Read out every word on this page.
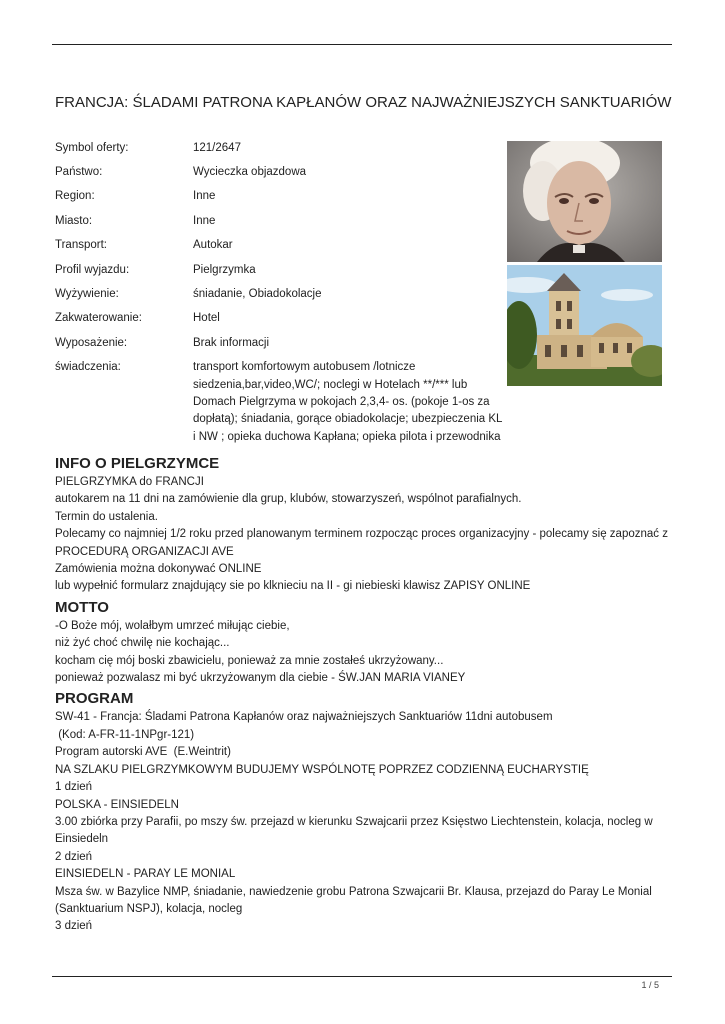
FRANCJA: ŚLADAMI PATRONA KAPŁANÓW ORAZ NAJWAŻNIEJSZYCH SANKTUARIÓW
Symbol oferty:	121/2647
Państwo:	Wycieczka objazdowa
Region:	Inne
Miasto:	Inne
Transport:	Autokar
Profil wyjazdu:	Pielgrzymka
Wyżywienie:	śniadanie, Obiadokolacje
Zakwaterowanie:	Hotel
Wyposażenie:	Brak informacji
świadczenia:	transport komfortowym autobusem /lotnicze siedzenia,bar,video,WC/; noclegi w Hotelach **/*** lub Domach Pielgrzyma w pokojach 2,3,4- os. (pokoje 1-os za dopłatą); śniadania, gorące obiadokolacje; ubezpieczenia KL i NW ; opieka duchowa Kapłana; opieka pilota i przewodnika
INFO O PIELGRZYMCE

PIELGRZYMKA do FRANCJI

autokarem na 11 dni na zamówienie dla grup, klubów, stowarzyszeń, wspólnot parafialnych.

Termin do ustalenia.

Polecamy co najmniej 1/2 roku przed planowanym terminem rozpocząc proces organizacyjny - polecamy się zapoznać z

PROCEDURĄ ORGANIZACJI AVE

Zamówienia można dokonywać ONLINE

lub wypełnić formularz znajdujący sie po klknieciu na II - gi niebieski klawisz ZAPISY ONLINE

MOTTO

-O Boże mój, wolałbym umrzeć miłując ciebie,

niż żyć choć chwilę nie kochając...

kocham cię mój boski zbawicielu, ponieważ za mnie zostałeś ukrzyżowany...

ponieważ pozwalasz mi być ukrzyżowanym dla ciebie - ŚW.JAN MARIA VIANEY

PROGRAM

SW-41 - Francja: Śladami Patrona Kapłanów oraz najważniejszych Sanktuariów 11dni autobusem

(Kod: A-FR-11-1NPgr-121)

Program autorski AVE  (E.Weintrit)

NA SZLAKU PIELGRZYMKOWYM BUDUJEMY WSPÓLNOTĘ POPRZEZ CODZIENNĄ EUCHARYSTIĘ

1 dzień

POLSKA - EINSIEDELN

3.00 zbiórka przy Parafii, po mszy św. przejazd w kierunku Szwajcarii przez Księstwo Liechtenstein, kolacja, nocleg w

Einsiedeln

2 dzień

EINSIEDELN - PARAY LE MONIAL

Msza św. w Bazylice NMP, śniadanie, nawiedzenie grobu Patrona Szwajcarii Br. Klausa, przejazd do Paray Le Monial

(Sanktuarium NSPJ), kolacja, nocleg

3 dzień

1 / 5
